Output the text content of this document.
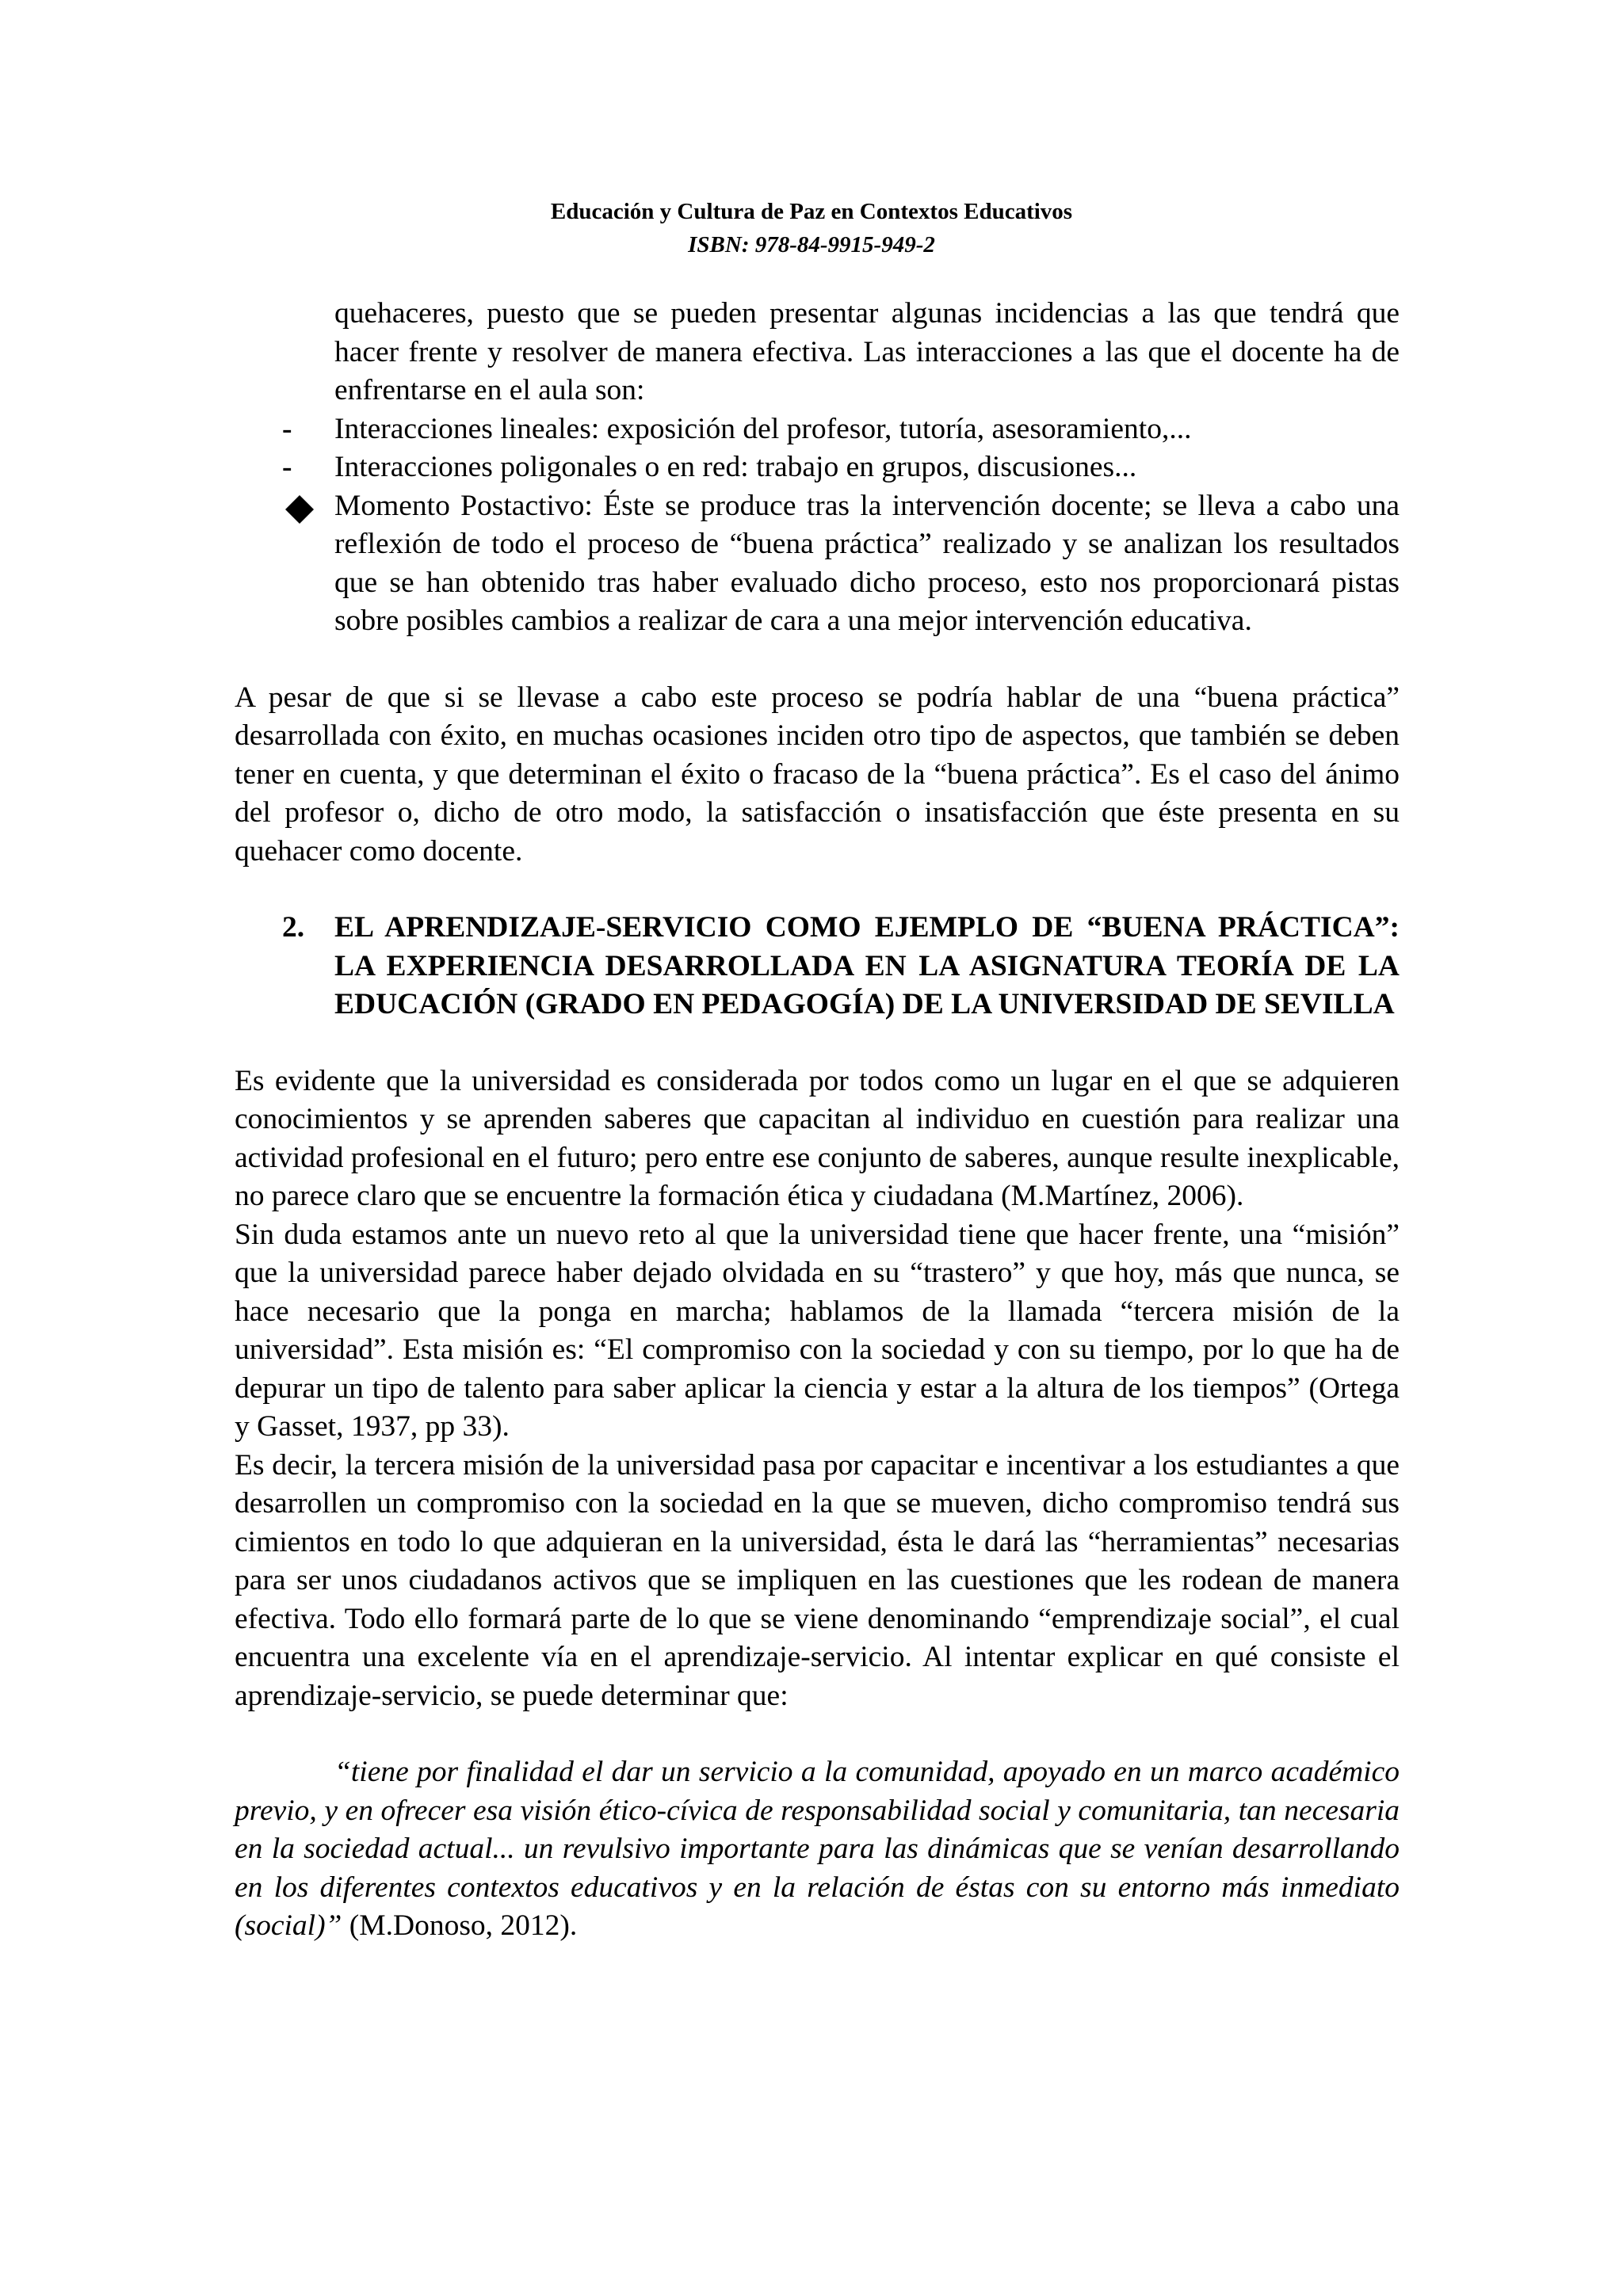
Educación y Cultura de Paz en Contextos Educativos
ISBN: 978-84-9915-949-2

quehaceres, puesto que se pueden presentar algunas incidencias a las que tendrá que hacer frente y resolver de manera efectiva. Las interacciones a las que el docente ha de enfrentarse en el aula son:

-	Interacciones lineales: exposición del profesor, tutoría, asesoramiento,...

-	Interacciones poligonales o en red: trabajo en grupos, discusiones...

Momento Postactivo: Éste se produce tras la intervención docente; se lleva a cabo una reflexión de todo el proceso de “buena práctica” realizado y se analizan los resultados que se han obtenido tras haber evaluado dicho proceso, esto nos proporcionará pistas sobre posibles cambios a realizar de cara a una mejor intervención educativa.

A pesar de que si se llevase a cabo este proceso se podría hablar de una “buena práctica” desarrollada con éxito, en muchas ocasiones inciden otro tipo de aspectos, que también se deben tener en cuenta, y que determinan el éxito o fracaso de la “buena práctica”. Es el caso del ánimo del profesor o, dicho de otro modo, la satisfacción o insatisfacción que éste presenta en su quehacer como docente.

2. EL APRENDIZAJE-SERVICIO COMO EJEMPLO DE “BUENA PRÁCTICA”: LA EXPERIENCIA DESARROLLADA EN LA ASIGNATURA TEORÍA DE LA EDUCACIÓN (GRADO EN PEDAGOGÍA) DE LA UNIVERSIDAD DE SEVILLA

Es evidente que la universidad es considerada por todos como un lugar en el que se adquieren conocimientos y se aprenden saberes que capacitan al individuo en cuestión para realizar una actividad profesional en el futuro; pero entre ese conjunto de saberes, aunque resulte inexplicable, no parece claro que se encuentre la formación ética y ciudadana (M.Martínez, 2006).

Sin duda estamos ante un nuevo reto al que la universidad tiene que hacer frente, una “misión” que la universidad parece haber dejado olvidada en su “trastero” y que hoy, más que nunca, se hace necesario que la ponga en marcha; hablamos de la llamada “tercera misión de la universidad”. Esta misión es: “El compromiso con la sociedad y con su tiempo, por lo que ha de depurar un tipo de talento para saber aplicar la ciencia y estar a la altura de los tiempos” (Ortega y Gasset, 1937, pp 33).

Es decir, la tercera misión de la universidad pasa por capacitar e incentivar a los estudiantes a que desarrollen un compromiso con la sociedad en la que se mueven, dicho compromiso tendrá sus cimientos en todo lo que adquieran en la universidad, ésta le dará las “herramientas” necesarias para ser unos ciudadanos activos que se impliquen en las cuestiones que les rodean de manera efectiva. Todo ello formará parte de lo que se viene denominando “emprendizaje social”, el cual encuentra una excelente vía en el aprendizaje-servicio. Al intentar explicar en qué consiste el aprendizaje-servicio, se puede determinar que:

“tiene por finalidad el dar un servicio a la comunidad, apoyado en un marco académico previo, y en ofrecer esa visión ético-cívica de responsabilidad social y comunitaria, tan necesaria en la sociedad actual... un revulsivo importante para las dinámicas que se venían desarrollando en los diferentes contextos educativos y en la relación de éstas con su entorno más inmediato (social)” (M.Donoso, 2012).
